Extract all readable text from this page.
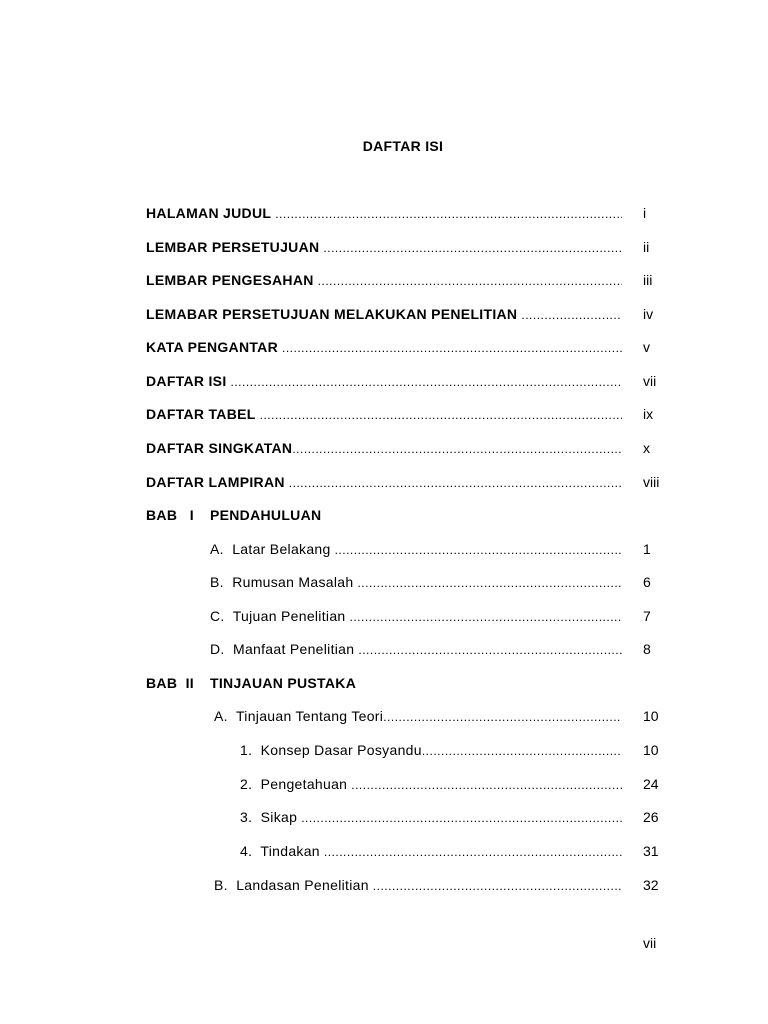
DAFTAR ISI
HALAMAN JUDUL .....	i
LEMBAR PERSETUJUAN .....	ii
LEMBAR PENGESAHAN .....	iii
LEMABAR PERSETUJUAN MELAKUKAN PENELITIAN .....	iv
KATA PENGANTAR .....	v
DAFTAR ISI .....	vii
DAFTAR TABEL .....	ix
DAFTAR SINGKATAN .....	x
DAFTAR LAMPIRAN .....	viii
BAB   I PENDAHULUAN
A.  Latar Belakang .....	1
B.  Rumusan Masalah .....	6
C.  Tujuan Penelitian .....	7
D.  Manfaat Penelitian .....	8
BAB  II TINJAUAN PUSTAKA
A.  Tinjauan Tentang Teori .....	10
1.  Konsep Dasar Posyandu .....	10
2.  Pengetahuan .....	24
3.  Sikap .....	26
4.  Tindakan .....	31
B.  Landasan Penelitian .....	32
vii
